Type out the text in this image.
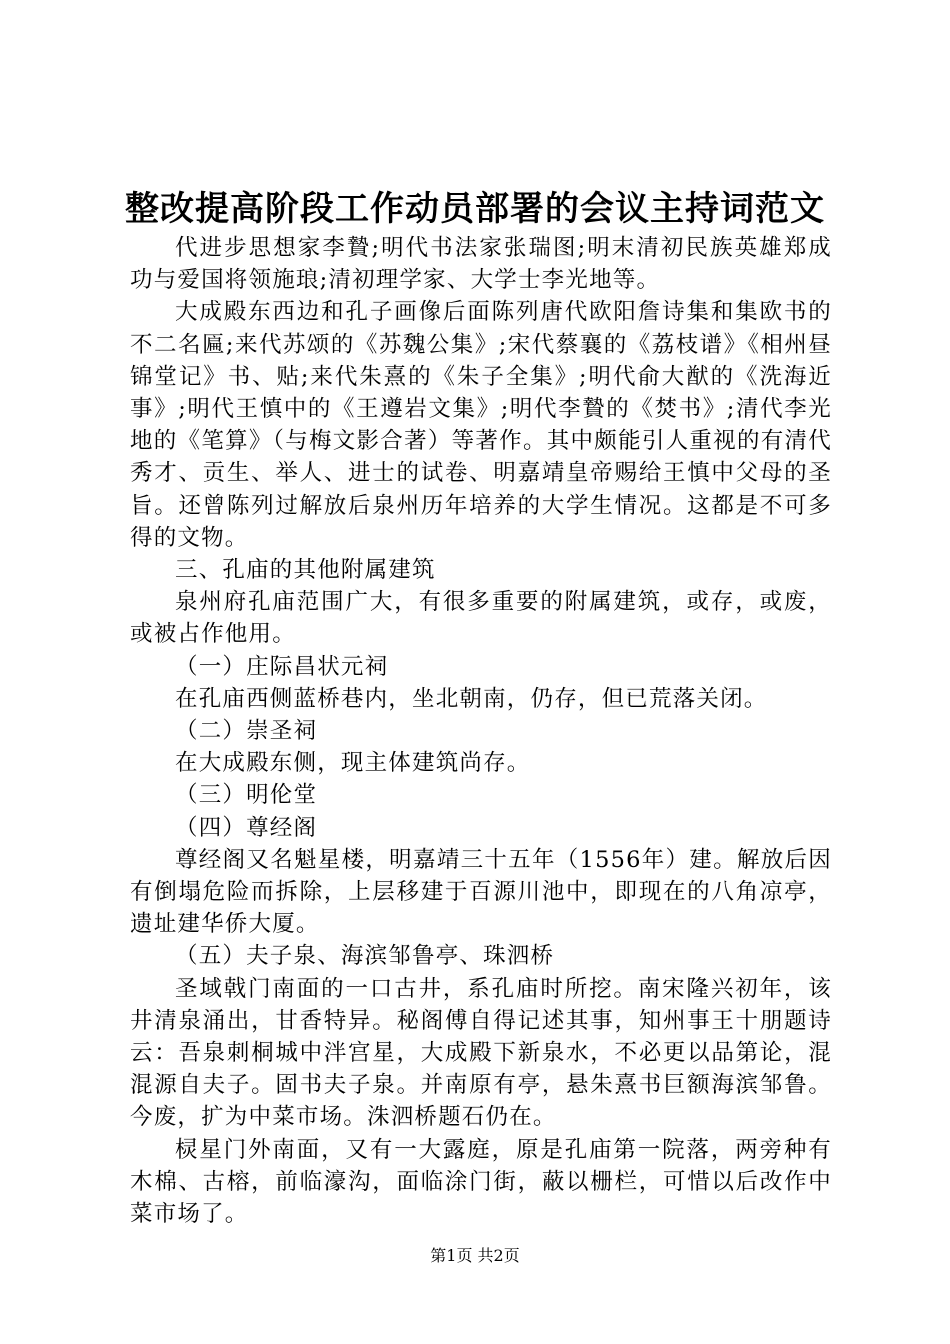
整改提高阶段工作动员部署的会议主持词范文

代进步思想家李贄;明代书法家张瑞图;明末清初民族英雄郑成功与爱国将领施琅;清初理学家、大学士李光地等。

大成殿东西边和孔子画像后面陈列唐代欧阳詹诗集和集欧书的不二名匾;来代苏颂的《苏魏公集》;宋代蔡襄的《荔枝谱》《相州昼锦堂记》书、贴;来代朱熹的《朱子全集》;明代俞大猷的《洗海近事》;明代王慎中的《王遵岩文集》;明代李贄的《焚书》;清代李光地的《笔算》（与梅文影合著）等著作。其中颇能引人重视的有清代秀才、贡生、举人、进士的试卷、明嘉靖皇帝赐给王慎中父母的圣旨。还曾陈列过解放后泉州历年培养的大学生情况。这都是不可多得的文物。

三、孔庙的其他附属建筑

泉州府孔庙范围广大，有很多重要的附属建筑，或存，或废，或被占作他用。

（一）庄际昌状元祠

在孔庙西侧蓝桥巷内，坐北朝南，仍存，但已荒落关闭。

（二）崇圣祠

在大成殿东侧，现主体建筑尚存。

（三）明伦堂

（四）尊经阁

尊经阁又名魁星楼，明嘉靖三十五年（1556年）建。解放后因有倒塌危险而拆除，上层移建于百源川池中，即现在的八角凉亭，遗址建华侨大厦。

（五）夫子泉、海滨邹鲁亭、珠泗桥

圣域戟门南面的一口古井，系孔庙时所挖。南宋隆兴初年，该井清泉涌出，甘香特异。秘阁傅自得记述其事，知州事王十朋题诗云：吾泉刺桐城中泮宫星，大成殿下新泉水，不必更以品第论，混混源自夫子。固书夫子泉。并南原有亭，悬朱熹书巨额海滨邹鲁。今废，扩为中菜市场。洙泗桥题石仍在。

棂星门外南面，又有一大露庭，原是孔庙第一院落，两旁种有木棉、古榕，前临濠沟，面临涂门街，蔽以栅栏，可惜以后改作中菜市场了。

第1页 共2页
